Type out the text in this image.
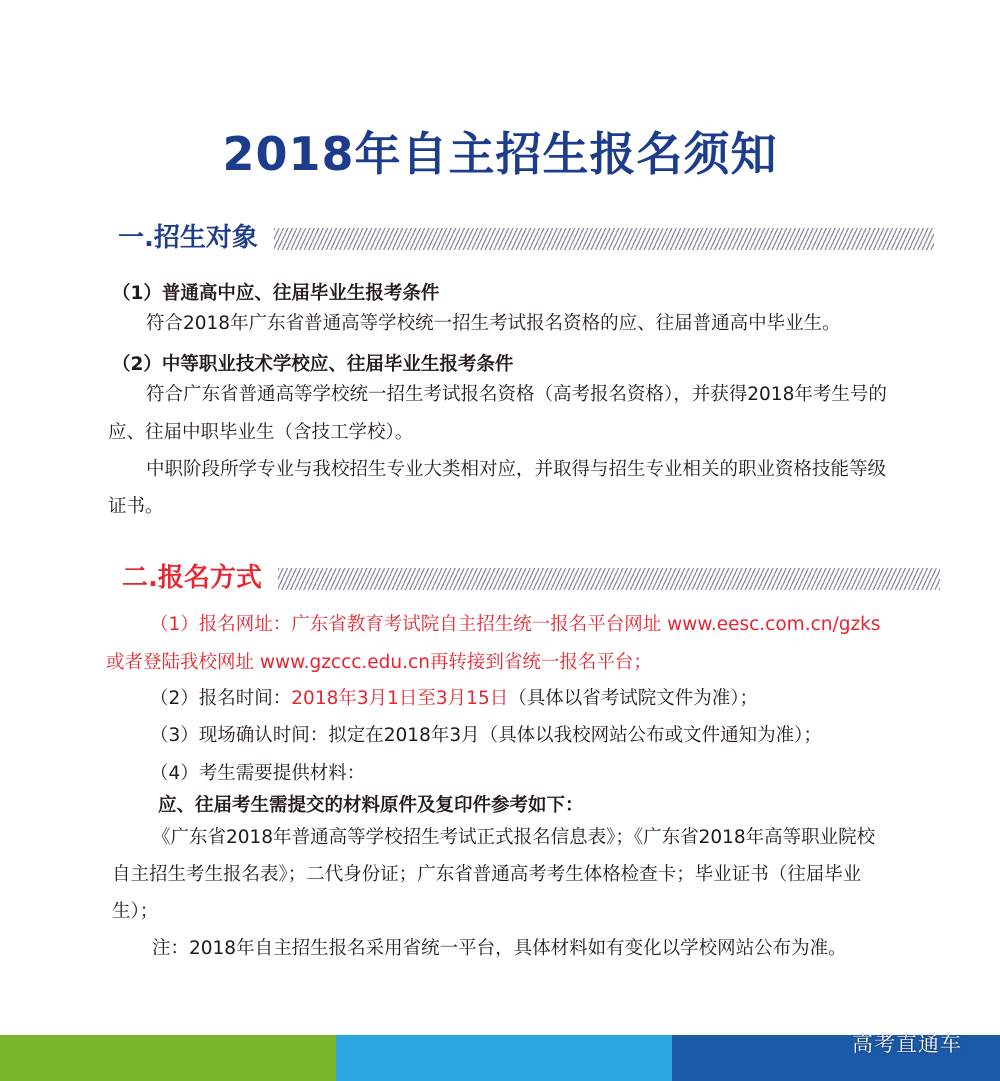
2018年自主招生报名须知
一.招生对象
（1）普通高中应、往届毕业生报考条件
符合2018年广东省普通高等学校统一招生考试报名资格的应、往届普通高中毕业生。
（2）中等职业技术学校应、往届毕业生报考条件
符合广东省普通高等学校统一招生考试报名资格（高考报名资格），并获得2018年考生号的
应、往届中职毕业生（含技工学校）。
中职阶段所学专业与我校招生专业大类相对应，并取得与招生专业相关的职业资格技能等级
证书。
二.报名方式
（1）报名网址：广东省教育考试院自主招生统一报名平台网址 www.eesc.com.cn/gzks
或者登陆我校网址 www.gzccc.edu.cn再转接到省统一报名平台；
（2）报名时间：2018年3月1日至3月15日（具体以省考试院文件为准）；
（3）现场确认时间：拟定在2018年3月（具体以我校网站公布或文件通知为准）；
（4）考生需要提供材料：
应、往届考生需提交的材料原件及复印件参考如下：
《广东省2018年普通高等学校招生考试正式报名信息表》；《广东省2018年高等职业院校
自主招生考生报名表》；二代身份证；广东省普通高考考生体格检查卡；毕业证书（往届毕业
生）；
注：2018年自主招生报名采用省统一平台，具体材料如有变化以学校网站公布为准。
高考直通车
